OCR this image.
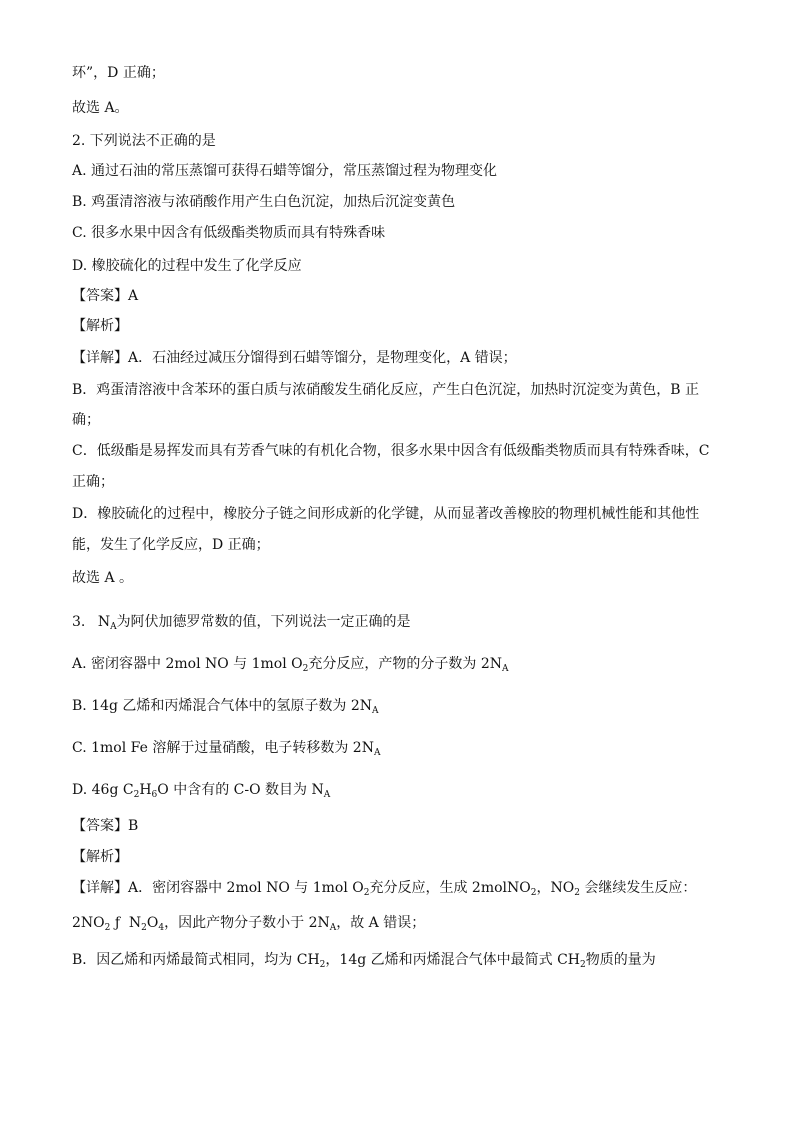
环”，D 正确；
故选 A。
2. 下列说法不正确的是
A. 通过石油的常压蒸馏可获得石蜡等馏分，常压蒸馏过程为物理变化
B. 鸡蛋清溶液与浓硝酸作用产生白色沉淀，加热后沉淀变黄色
C. 很多水果中因含有低级酯类物质而具有特殊香味
D. 橡胶硫化的过程中发生了化学反应
【答案】A
【解析】
【详解】A．石油经过减压分馏得到石蜡等馏分，是物理变化，A 错误；
B．鸡蛋清溶液中含苯环的蛋白质与浓硝酸发生硝化反应，产生白色沉淀，加热时沉淀变为黄色，B 正
确；
C．低级酯是易挥发而具有芳香气味的有机化合物，很多水果中因含有低级酯类物质而具有特殊香味，C
正确；
D．橡胶硫化的过程中，橡胶分子链之间形成新的化学键，从而显著改善橡胶的物理机械性能和其他性
能，发生了化学反应，D 正确；
故选 A 。
3. $N_A$为阿伏加德罗常数的值，下列说法一定正确的是
A. 密闭容器中 2mol NO 与 1mol $O_2$充分反应，产物的分子数为 $2N_A$
B. 14g 乙烯和丙烯混合气体中的氢原子数为 $2N_A$
C. 1mol Fe 溶解于过量硝酸，电子转移数为 $2N_A$
D. 46g $C_2H_6O$ 中含有的 C-O 数目为 $N_A$
【答案】B
【解析】
【详解】A．密闭容器中 2mol NO 与 1mol $O_2$充分反应，生成 2molNO$_2$，$NO_2$ 会继续发生反应：
$2NO_2$ ƒ  $N_2O_4$，因此产物分子数小于 $2N_A$，故 A 错误；
B．因乙烯和丙烯最简式相同，均为 $CH_2$，14g 乙烯和丙烯混合气体中最简式 $CH_2$物质的量为
